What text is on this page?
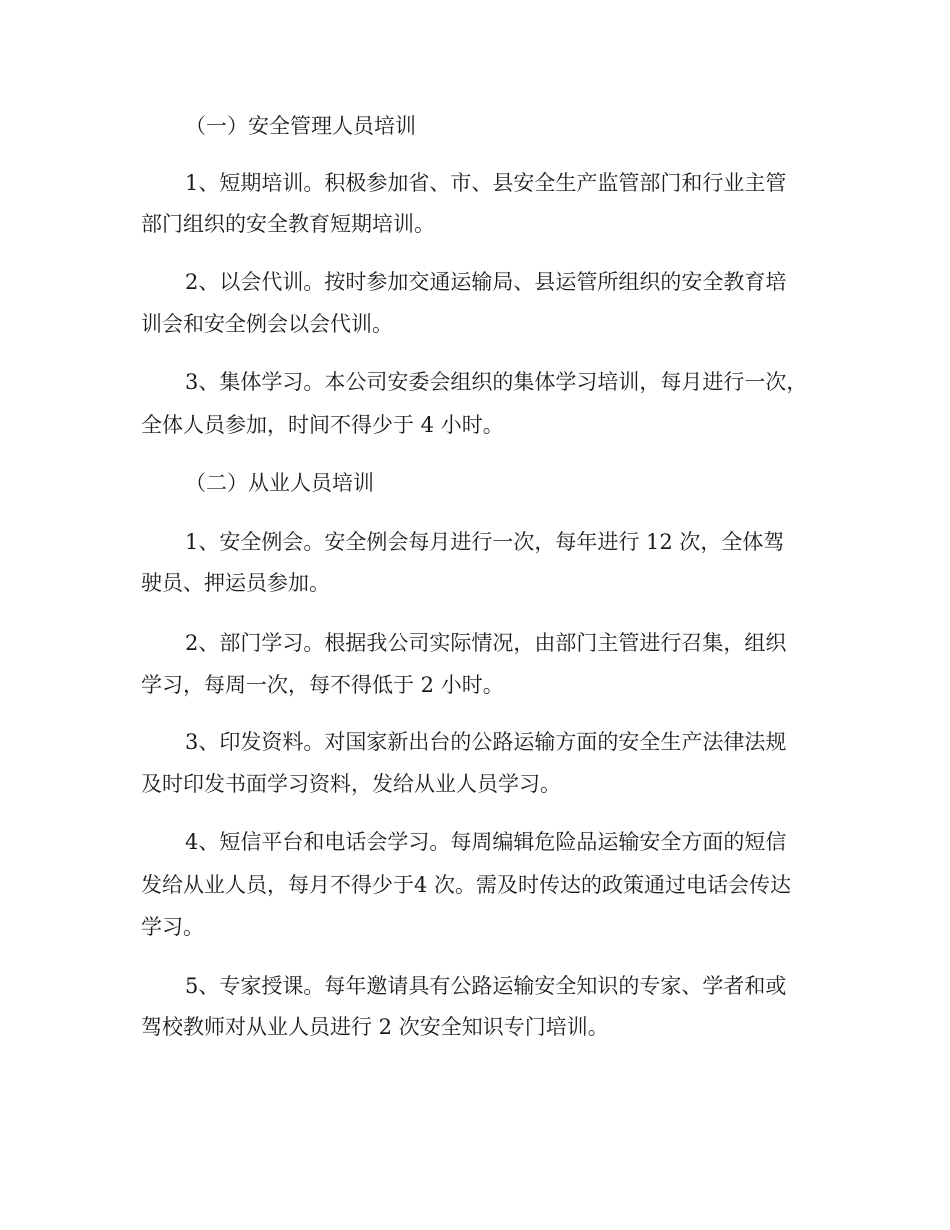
（一）安全管理人员培训
1、短期培训。积极参加省、市、县安全生产监管部门和行业主管
部门组织的安全教育短期培训。
2、以会代训。按时参加交通运输局、县运管所组织的安全教育培
训会和安全例会以会代训。
3、集体学习。本公司安委会组织的集体学习培训，每月进行一次，
全体人员参加，时间不得少于 4 小时。
（二）从业人员培训
1、安全例会。安全例会每月进行一次，每年进行 12 次，全体驾
驶员、押运员参加。
2、部门学习。根据我公司实际情况，由部门主管进行召集，组织
学习，每周一次，每不得低于 2 小时。
3、印发资料。对国家新出台的公路运输方面的安全生产法律法规
及时印发书面学习资料，发给从业人员学习。
4、短信平台和电话会学习。每周编辑危险品运输安全方面的短信
发给从业人员，每月不得少于4 次。需及时传达的政策通过电话会传达
学习。
5、专家授课。每年邀请具有公路运输安全知识的专家、学者和或
驾校教师对从业人员进行 2 次安全知识专门培训。
